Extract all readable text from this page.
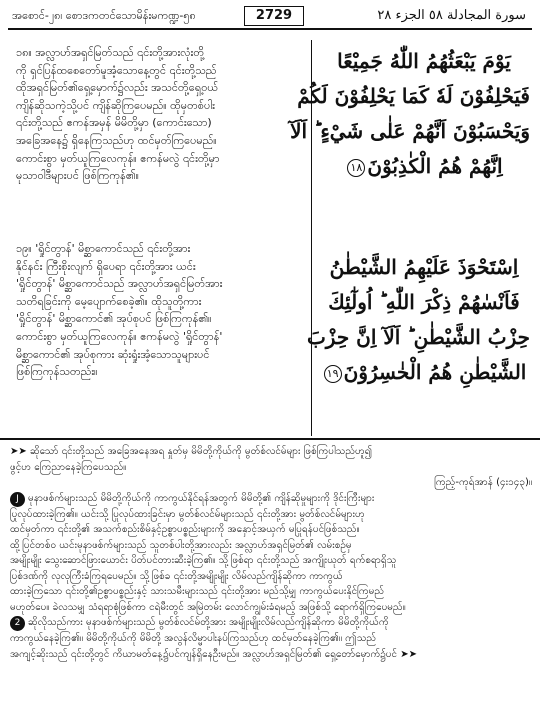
အစောင်-၂၈၊ စောဒကတင်သောမိန်းမကဏ္ဍ-၅၈	2729	سورة المجادلة ٥٨ الجزء ٢٨

၁၈။ အလ္လာဟ်အရှင်မြတ်သည် ၎င်းတို့အားလုံးတို့

ကို ရှင်ပြန်ထစေတော်မူအံ့သောနေ့တွင် ၎င်းတို့သည်

ထိုအရှင်မြတ်၏ရှေ့မှောက်၌လည်း အသင်တို့ရှေ့ဝယ်

ကျိန်ဆိုသကဲ့သို့ပင် ကျိန်ဆိုကြပေမည်။ ထိုမှတစ်ပါး

၎င်းတို့သည် ဧကန်အမှန် မိမိတို့မှာ (ကောင်းသော)

အခြေအနေ၌ ရှိနေကြသည်ဟု ထင်မှတ်ကြပေမည်။

ကောင်းစွာ မှတ်ယူကြလေကုန်။ ဧကန်မလွဲ ၎င်းတို့မှာ

မုသာဝါဒီများပင် ဖြစ်ကြကုန်၏။

يَوْمَ يَبْعَثُهُمُ اللّٰهُ جَمِيْعًا
فَيَحْلِفُوْنَ لَهٗ كَمَا يَحْلِفُوْنَ لَكُمْ
وَيَحْسَبُوْنَ اَنَّهُمْ عَلٰى شَيْءٍ ؕ اَلَآ
اِنَّهُمْ هُمُ الْكٰذِبُوْنَ١٨

၁၉။ 'ရှိုင်တွာန်' မိစ္ဆာကောင်သည် ၎င်းတို့အား

နိုင်နင်း ကြီးစိုးလျက် ရှိပေရာ ၎င်းတို့အား ယင်း

'ရှိုင်တွာန်' မိစ္ဆာကောင်သည် အလ္လာဟ်အရှင်မြတ်အား

သတိရခြင်းကို မေ့ပျောက်စေခဲ့၏။ ထိုသူတို့ကား

'ရှိုင်တွာန်' မိစ္ဆာကောင်၏ အုပ်စုပင် ဖြစ်ကြကုန်၏။

ကောင်းစွာ မှတ်ယူကြလေကုန်။ ဧကန်မလွဲ 'ရှိုင်တွာန်'

မိစ္ဆာကောင်၏ အုပ်စုကား ဆုံးရှုံးအံ့သောသူများပင်

ဖြစ်ကြကုန်သတည်း။

اِسْتَحْوَذَ عَلَيْهِمُ الشَّيْطٰنُ
فَاَنْسٰهُمْ ذِكْرَ اللّٰهِ ؕ اُولٰٓئِكَ
حِزْبُ الشَّيْطٰنِ ؕ اَلَآ اِنَّ حِزْبَ
الشَّيْطٰنِ هُمُ الْخٰسِرُوْنَ١٩

➤➤ ဆိုသော် ၎င်းတို့သည် အခြေအနေအရ နှုတ်မှ မိမိတို့ကိုယ်ကို မွတ်စ်လင်မ်များ ဖြစ်ကြပါသည်ဟူ၍

ဖွင့်ဟ ကြေညာနေခဲ့ကြပေသည်။

ကြည့်-ကုရ်အာန် (၄း၁၄၃)။

J မုနာဖစ်က်များသည် မိမိတို့ကိုယ်ကို ကာကွယ်နိုင်ရန်အတွက် မိမိတို့၏ ကျိန်ဆိုမှုများကို ဒိုင်းကြီးများ

ပြုလုပ်ထားခဲ့ကြ၏။ ယင်းသို့ ပြုလုပ်ထားခြင်းမှာ မွတ်စ်လင်မ်များသည် ၎င်းတို့အား မွတ်စ်လင်မ်များဟု

ထင်မှတ်ကာ ၎င်းတို့၏ အသက်စည်းစိမ်နှင့်ဥစ္စာပစ္စည်းများကို အနှောင့်အယှက် မပြုရန်ပင်ဖြစ်သည်။

ထို့ပြင်တစ်ဝ ယင်းမုနာဖစ်က်များသည် သူတစ်ပါးတို့အားလည်း အလ္လာဟ်အရှင်မြတ်၏ လမ်းစဉ်မှ

အမျိုးမျိုး သွေးဆောင်ဖြားယောင်း ပိတ်ပင်တားဆီးခဲ့ကြ၏။ သို့ဖြစ်ရာ ၎င်းတို့သည် အကျိုးယုတ် ရက်စရာရှိသူ

ပြစ်ဒဏ်ကို လုလုကြီးခံကြရပေမည်။ သို့ဖြစ်ခ ၎င်းတို့အမျိုးမျိုး လိမ်လည်ကျိန်ဆိုကာ ကာကွယ်

ထားခဲ့ကြသော ၎င်းတို့၏ဥစ္စာပစ္စည်းနှင့် သားသမီးများသည် ၎င်းတို့အား မည်သို့မျှ ကာကွယ်ပေးနိုင်ကြမည်

မဟုတ်ပေ။ ခဲလသမျှ သံရရာစုံဖြစ်ကာ ငရဲမီးတွင် အမြဲတမ်း လောင်ကျွမ်းခံရမည့် အဖြစ်သို့ ရောက်ရှိကြပေမည်။

2 ဆိုလိုသည်ကား မုနာဖစ်က်များသည် မွတ်စ်လင်မ်တို့အား အမျိုးမျိုးလိမ်လည်ကျိန်ဆိုကာ မိမိတို့ကိုယ်ကို

ကာကွယ်နေခဲ့ကြ၏။ မိမိတို့ကိုယ်ကို မိမိတို့ အလွန်လိမ္မာပါးနပ်ကြသည်ဟု ထင်မှတ်နေခဲ့ကြ၏။ ဤသည်

အကျင့်ဆိုးသည် ၎င်းတို့တွင် ကိယာမတ်နေ့၌ပင်ကျန်ရှိနေဦးမည်။ အလ္လာဟ်အရှင်မြတ်၏ ရှေ့တော်မှောက်၌ပင် ➤➤
